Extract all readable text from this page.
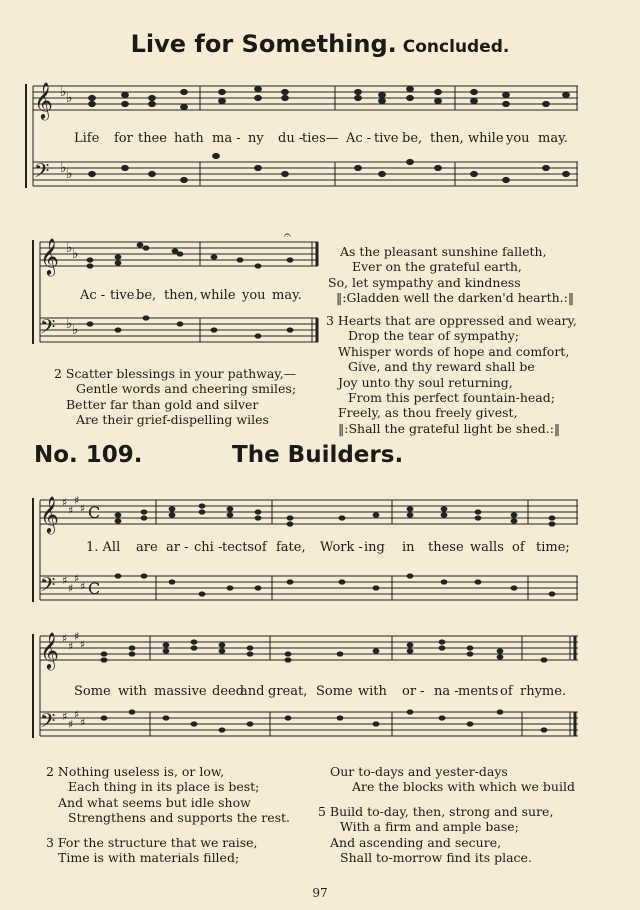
Live for Something. Concluded.
𝄞
𝄢
♭ ♭
♭ ♭
Life for thee hath ma - ny du -
ties— Ac - tive be, then, while you may.
𝄞
𝄢
♭ ♭
♭ ♭
𝄐
Ac - tive be, then, while you may.
As the pleasant sunshine falleth,
Ever on the grateful earth,
So, let sympathy and kindness
‖:Gladden well the darken'd hearth.:‖
3 Hearts that are oppressed and weary,
Drop the tear of sympathy;
Whisper words of hope and comfort,
Give, and thy reward shall be
Joy unto thy soul returning,
From this perfect fountain-head;
Freely, as thou freely givest,
‖:Shall the grateful light be shed.:‖
2 Scatter blessings in your pathway,—
Gentle words and cheering smiles;
Better far than gold and silver
Are their grief-dispelling wiles
No. 109.	The Builders.
𝄞
𝄢
♯
♯
♯
♯
♯
♯
♯
♯
C
C
1. All are ar - chi - tects of fate, Work - ing in these walls of time;
𝄞
𝄢
♯
♯
♯
♯
♯
♯
♯
♯
Some with massive deed
and great, Some with or - na - ments of rhyme.
2 Nothing useless is, or low,
Each thing in its place is best;
And what seems but idle show
Strengthens and supports the rest.
3 For the structure that we raise,
Time is with materials filled;
Our to-days and yester-days
Are the blocks with which we build
5 Build to-day, then, strong and sure,
With a firm and ample base;
And ascending and secure,
Shall to-morrow find its place.
97
